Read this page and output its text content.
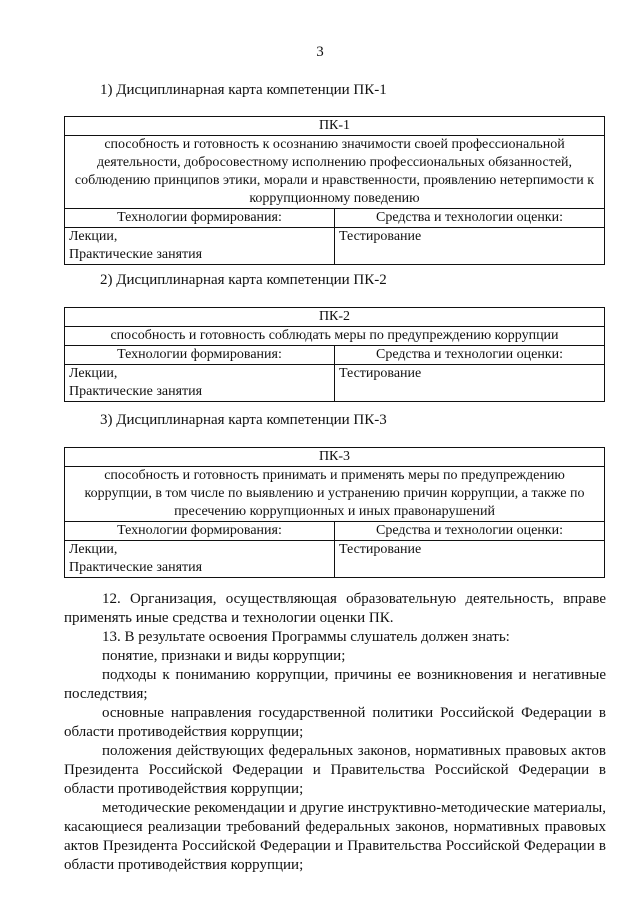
3
1) Дисциплинарная карта компетенции ПК-1
ПК-1	
способность и готовность к осознанию значимости своей профессиональной деятельности, добросовестному исполнению профессиональных обязанностей, соблюдению принципов этики, морали и нравственности, проявлению нетерпимости к коррупционному поведению	
Технологии формирования:	Средства и технологии оценки:

Лекции,
Практические занятия	Тестирование
2) Дисциплинарная карта компетенции ПК-2
ПК-2	
способность и готовность соблюдать меры по предупреждению коррупции	
Технологии формирования:	Средства и технологии оценки:

Лекции,
Практические занятия	Тестирование
3) Дисциплинарная карта компетенции ПК-3
ПК-3	
способность и готовность принимать и применять меры по предупреждению коррупции, в том числе по выявлению и устранению причин коррупции, а также по пресечению коррупционных и иных правонарушений	
Технологии формирования:	Средства и технологии оценки:

Лекции,
Практические занятия	Тестирование
12. Организация, осуществляющая образовательную деятельность, вправе применять иные средства и технологии оценки ПК.
13. В результате освоения Программы слушатель должен знать:
понятие, признаки и виды коррупции;
подходы к пониманию коррупции, причины ее возникновения и негативные последствия;
основные направления государственной политики Российской Федерации в области противодействия коррупции;
положения действующих федеральных законов, нормативных правовых актов Президента Российской Федерации и Правительства Российской Федерации в области противодействия коррупции;
методические рекомендации и другие инструктивно-методические материалы, касающиеся реализации требований федеральных законов, нормативных правовых актов Президента Российской Федерации и Правительства Российской Федерации в области противодействия коррупции;
